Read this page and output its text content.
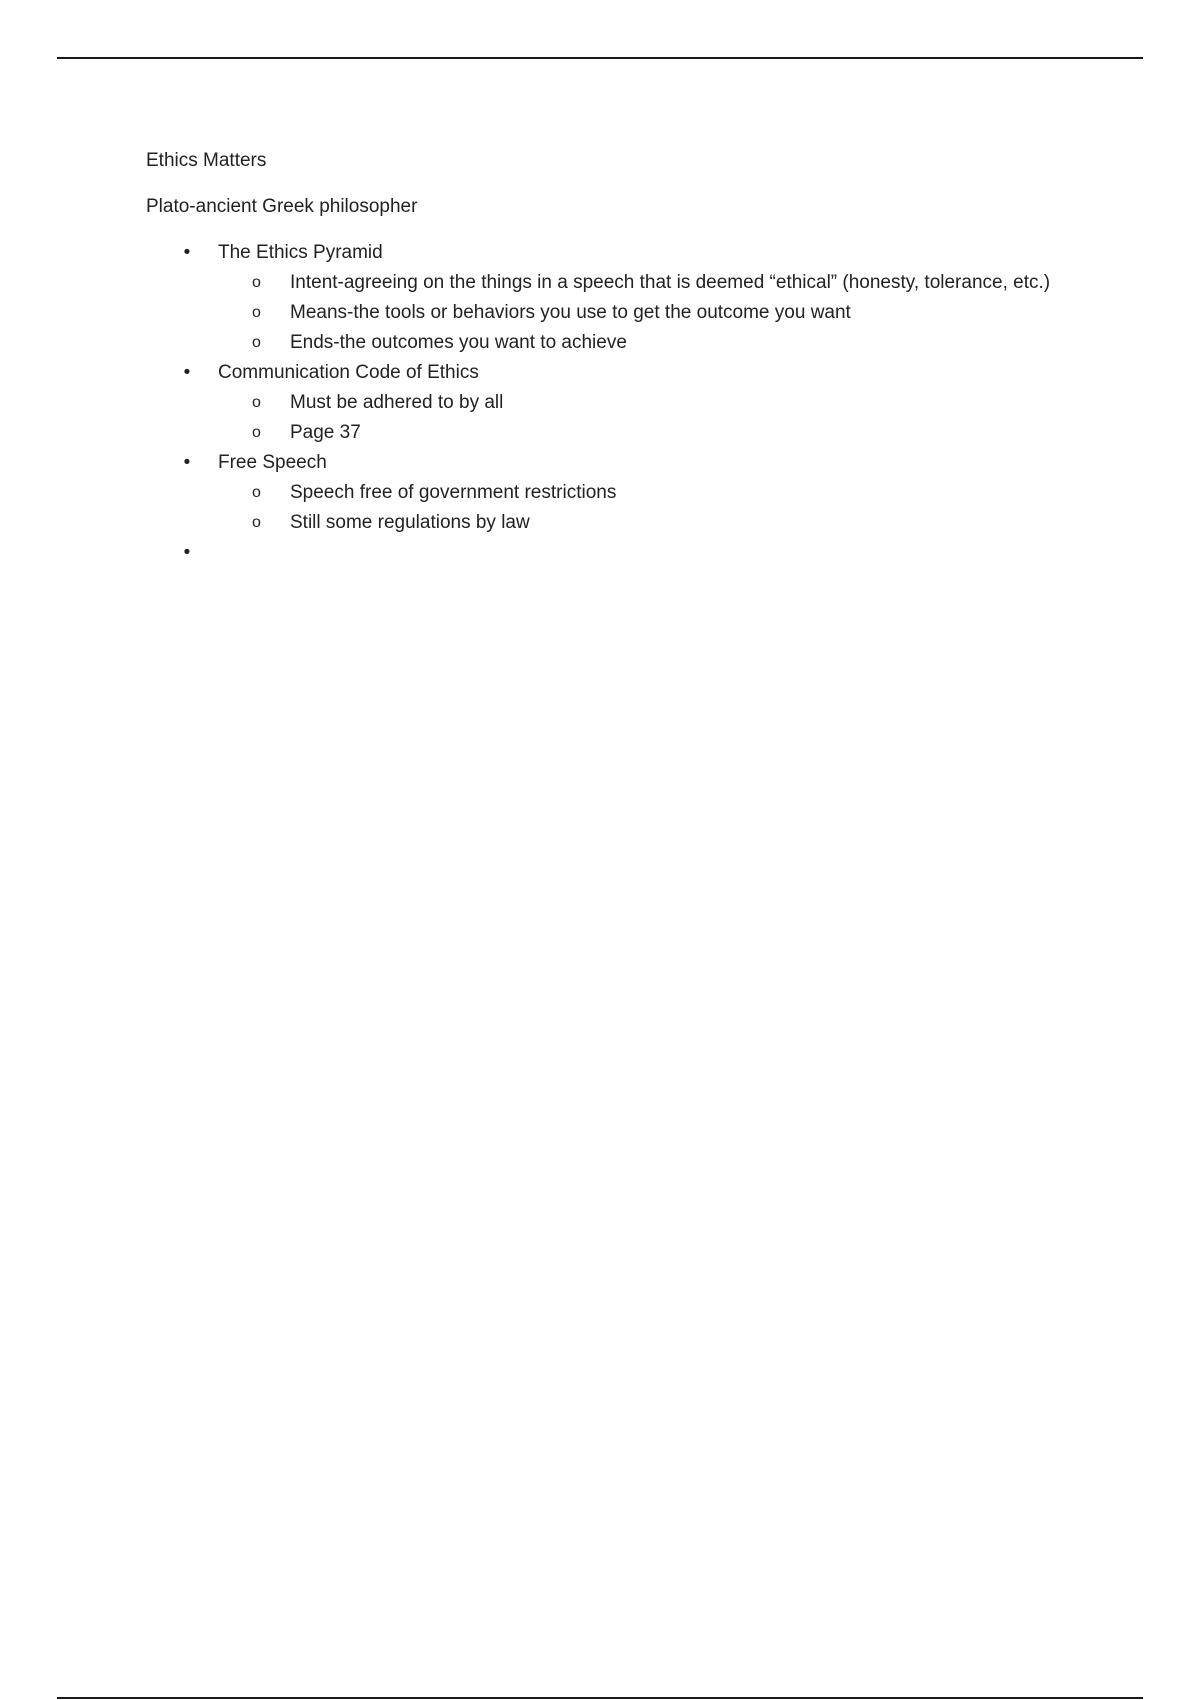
Ethics Matters

Plato-ancient Greek philosopher

• The Ethics Pyramid
o Intent-agreeing on the things in a speech that is deemed “ethical” (honesty, tolerance, etc.)
o Means-the tools or behaviors you use to get the outcome you want
o Ends-the outcomes you want to achieve
• Communication Code of Ethics
o Must be adhered to by all
o Page 37
• Free Speech
o Speech free of government restrictions
o Still some regulations by law
•
